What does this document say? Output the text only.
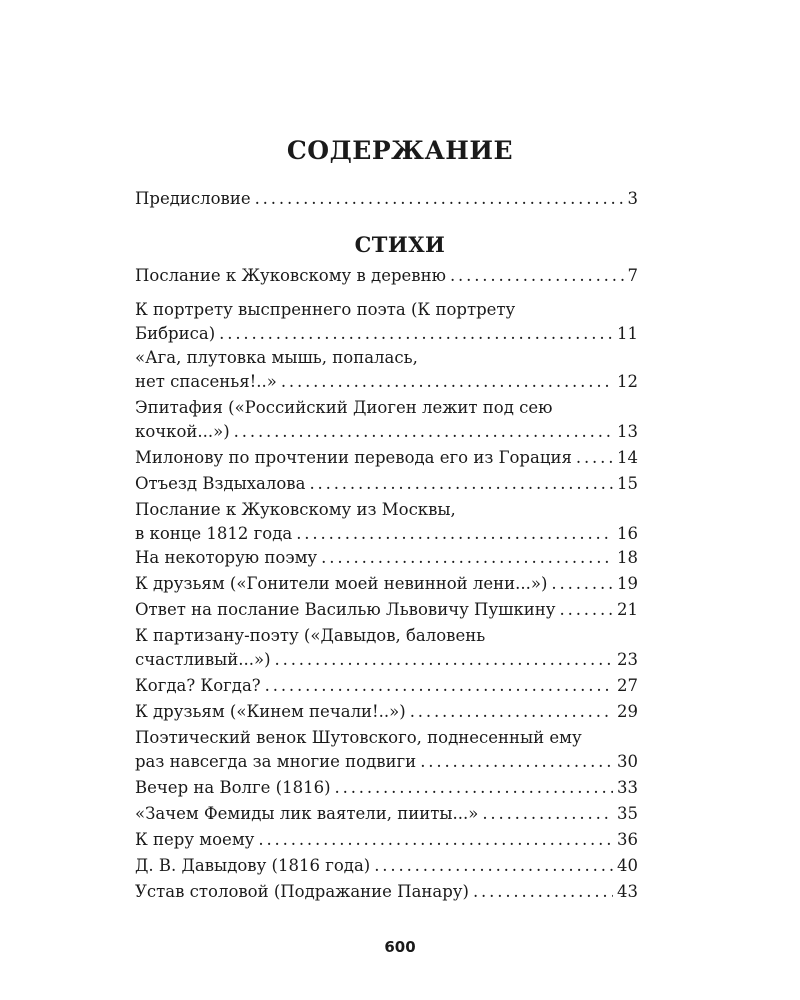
СОДЕРЖАНИЕ
Предисловие . . .	3
СТИХИ
Послание к Жуковскому в деревню . . .	7
К портрету выспреннего поэта (К портрету
Бибриса) . . .	11
«Ага, плутовка мышь, попалась,
нет спасенья!..» . . .	12
Эпитафия («Российский Диоген лежит под сею
кочкой...») . . .	13
Милонову по прочтении перевода его из Горация . . .	14
Отъезд Вздыхалова . . .	15
Послание к Жуковскому из Москвы,
в конце 1812 года . . .	16
На некоторую поэму . . .	18
К друзьям («Гонители моей невинной лени...») . . .	19
Ответ на послание Василью Львовичу Пушкину . . .	21
К партизану-поэту («Давыдов, баловень
счастливый...») . . .	23
Когда? Когда? . . .	27
К друзьям («Кинем печали!..») . . .	29
Поэтический венок Шутовского, поднесенный ему
раз навсегда за многие подвиги . . .	30
Вечер на Волге (1816) . . .	33
«Зачем Фемиды лик ваятели, пииты...» . . .	35
К перу моему . . .	36
Д. В. Давыдову (1816 года) . . .	40
Устав столовой (Подражание Панару) . . .	43
600
